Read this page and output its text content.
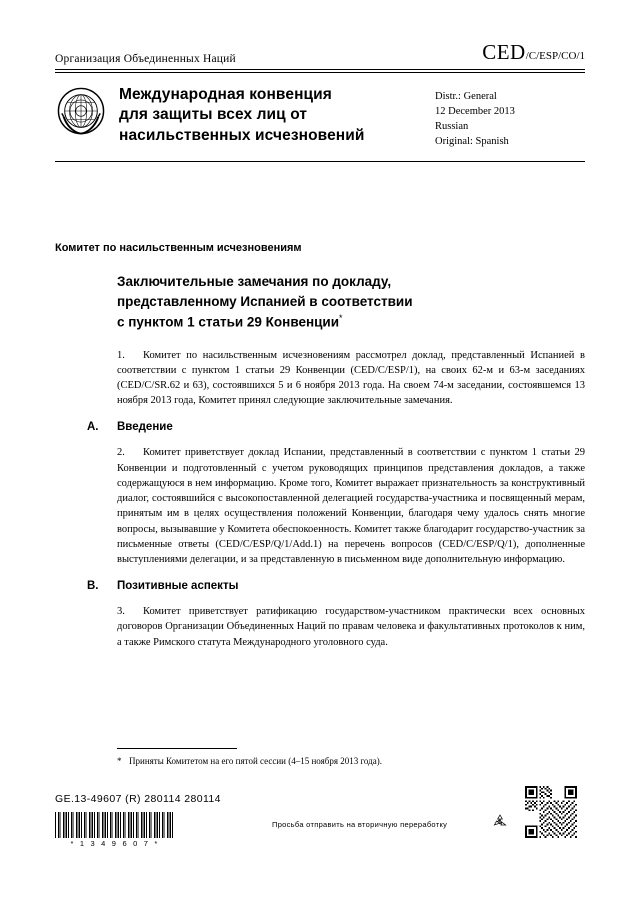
Организация Объединенных Наций	CED/C/ESP/CO/1
Международная конвенция
для защиты всех лиц от
насильственных исчезновений
Distr.: General
12 December 2013
Russian
Original: Spanish
Комитет по насильственным исчезновениям
Заключительные замечания по докладу,
представленному Испанией в соответствии
с пунктом 1 статьи 29 Конвенции*

1. Комитет по насильственным исчезновениям рассмотрел доклад, представленный Испанией в соответствии с пунктом 1 статьи 29 Конвенции (CED/C/ESP/1), на своих 62-м и 63-м заседаниях (CED/C/SR.62 и 63), состоявшихся 5 и 6 ноября 2013 года. На своем 74-м заседании, состоявшемся 13 ноября 2013 года, Комитет принял следующие заключительные замечания.

A. Введение

2. Комитет приветствует доклад Испании, представленный в соответствии с пунктом 1 статьи 29 Конвенции и подготовленный с учетом руководящих принципов представления докладов, а также содержащуюся в нем информацию. Кроме того, Комитет выражает признательность за конструктивный диалог, состоявшийся с высокопоставленной делегацией государства-участника и посвященный мерам, принятым им в целях осуществления положений Конвенции, благодаря чему удалось снять многие вопросы, вызывавшие у Комитета обеспокоенность. Комитет также благодарит государство-участник за письменные ответы (CED/C/ESP/Q/1/Add.1) на перечень вопросов (CED/C/ESP/Q/1), дополненные выступлениями делегации, и за представленную в письменном виде дополнительную информацию.

B. Позитивные аспекты

3. Комитет приветствует ратификацию государством-участником практически всех основных договоров Организации Объединенных Наций по правам человека и факультативных протоколов к ним, а также Римского статута Международного уголовного суда.

* Приняты Комитетом на его пятой сессии (4–15 ноября 2013 года).
GE.13-49607 (R) 280114 280114
* 1 3 4 9 6 0 7 *
Просьба отправить на вторичную переработку
